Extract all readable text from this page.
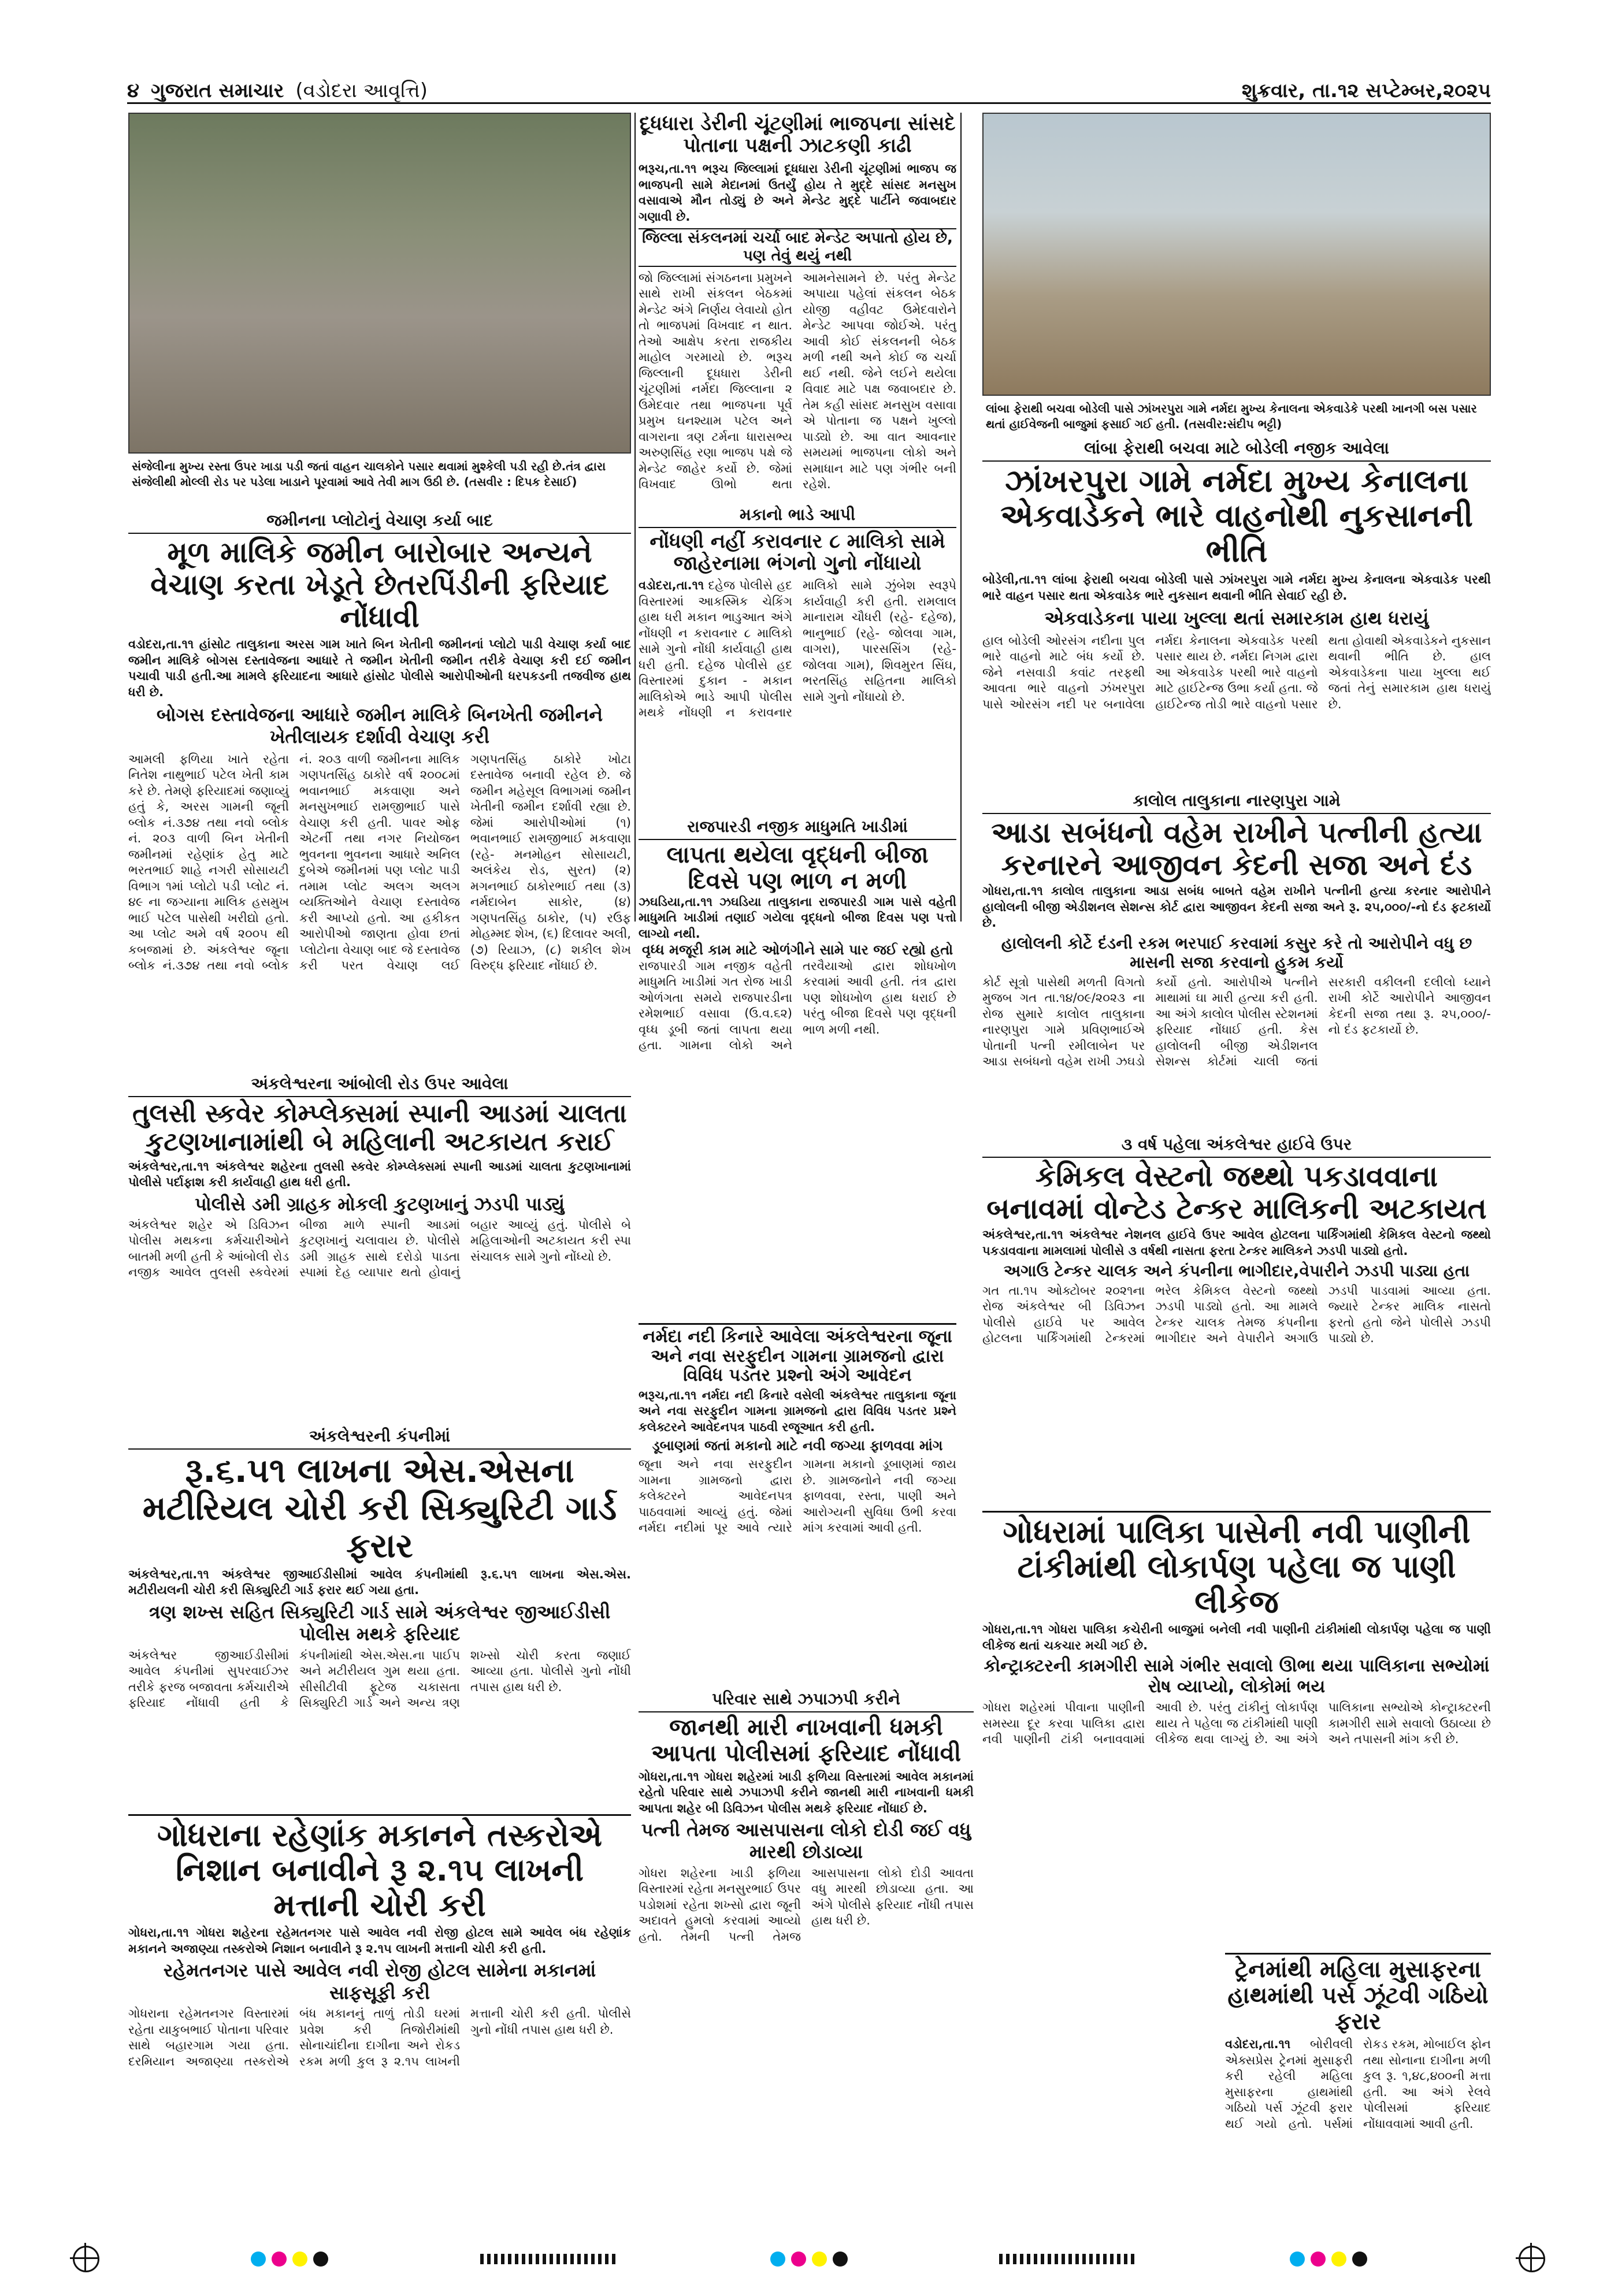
૪ ગુજરાત સમાચાર (વડોદરા આવૃત્તિ)	શુક્રવાર, તા.૧૨ સપ્ટેમ્બર,૨૦૨૫
સંજેલીના મુખ્ય રસ્તા ઉપર ખાડા પડી જતાં વાહન ચાલકોને પસાર થવામાં મુશ્કેલી પડી રહી છે.તંત્ર દ્વારા સંજેલીથી મોલ્લી રોડ પર પડેલા ખાડાને પૂરવામાં આવે તેવી માગ ઉઠી છે. (તસવીર : દિપક દેસાઈ)
દૂધધારા ડેરીની ચૂંટણીમાં ભાજપના સાંસદે પોતાના પક્ષની ઝાટકણી કાઢી
ભરૂચ,તા.૧૧ ભરૂચ જિલ્લામાં દૂધધારા ડેરીની ચૂંટણીમાં ભાજપ જ ભાજપની સામે મેદાનમાં ઉતર્યું હોય તે મુદ્દે સાંસદ મનસુખ વસાવાએ મૌન તોડ્યું છે અને મેન્ડેટ મુદ્દે પાર્ટીને જવાબદાર ગણાવી છે.
જિલ્લા સંકલનમાં ચર્ચા બાદ મેન્ડેટ અપાતો હોય છે, પણ તેવું થયું નથી
જો જિલ્લામાં સંગઠનના પ્રમુખને સાથે રાખી સંકલન બેઠકમાં મેન્ડેટ અંગે નિર્ણય લેવાયો હોત તો ભાજપમાં વિખવાદ ન થાત. તેઓ આક્ષેપ કરતા રાજકીય માહોલ ગરમાયો છે. ભરૂચ જિલ્લાની દૂધધારા ડેરીની ચૂંટણીમાં નર્મદા જિલ્લાના ૨ ઉમેદવાર તથા ભાજપના પૂર્વ પ્રમુખ ઘનશ્યામ પટેલ અને વાગરાના ત્રણ ટર્મના ધારાસભ્ય અરુણસિંહ રણા ભાજપ પક્ષે જે મેન્ડેટ જાહેર કર્યો છે. જેમાં વિખવાદ ઊભો થતા આમનેસામને છે. પરંતુ મેન્ડેટ અપાયા પહેલાં સંકલન બેઠક યોજી વહીવટ ઉમેદવારોને મેન્ડેટ આપવા જોઈએ. પરંતુ આવી કોઈ સંકલનની બેઠક મળી નથી અને કોઈ જ ચર્ચા થઈ નથી. જેને લઈને થયેલા વિવાદ માટે પક્ષ જવાબદાર છે. તેમ કહી સાંસદ મનસુખ વસાવા એ પોતાના જ પક્ષને ખુલ્લો પાડ્યો છે. આ વાત આવનાર સમયમાં ભાજપના લોકો અને સમાધાન માટે પણ ગંભીર બની રહેશે.
લાંબા ફેરાથી બચવા બોડેલી પાસે ઝાંખરપુરા ગામે નર્મદા મુખ્ય કેનાલના એકવાડેકે પરથી ખાનગી બસ પસાર થતાં હાઈવેજની બાજુમાં ફસાઈ ગઈ હતી. (તસવીર:સંદીપ ભટ્ટી)
લાંબા ફેરાથી બચવા માટે બોડેલી નજીક આવેલા
ઝાંખરપુરા ગામે નર્મદા મુખ્ય કેનાલના એકવાડેકને ભારે વાહનોથી નુકસાનની ભીતિ
બોડેલી,તા.૧૧ લાંબા ફેરાથી બચવા બોડેલી પાસે ઝાંખરપુરા ગામે નર્મદા મુખ્ય કેનાલના એકવાડેક પરથી ભારે વાહન પસાર થતા એકવાડેક ભારે નુકસાન થવાની ભીતિ સેવાઈ રહી છે.
એકવાડેકના પાયા ખુલ્લા થતાં સમારકામ હાથ ધરાયું
હાલ બોડેલી ઓરસંગ નદીના પુલ ભારે વાહનો માટે બંધ કર્યો છે. જેને નસવાડી કવાંટ તરફથી આવતા ભારે વાહનો ઝંખરપુરા પાસે ઓરસંગ નદી પર બનાવેલા નર્મદા કેનાલના એકવાડેક પરથી પસાર થાય છે. નર્મદા નિગમ દ્વારા આ એકવાડેક પરથી ભારે વાહનો માટે હાઈટેન્જ ઉભા કર્યા હતા. જે હાઈટેન્જ તોડી ભારે વાહનો પસાર થતા હોવાથી એકવાડેકને નુકસાન થવાની ભીતિ છે. હાલ એકવાડેકના પાયા ખુલ્લા થઈ જતાં તેનું સમારકામ હાથ ધરાયું છે.
જમીનના પ્લોટોનું વેચાણ કર્યા બાદ
મૂળ માલિકે જમીન બારોબાર અન્યને વેચાણ કરતા ખેડૂતે છેતરપિંડીની ફરિયાદ નોંધાવી
વડોદરા,તા.૧૧ હાંસોટ તાલુકાના અરસ ગામ ખાતે બિન ખેતીની જમીનનાં પ્લોટો પાડી વેચાણ કર્યા બાદ જમીન માલિકે બોગસ દસ્તાવેજના આધારે તે જમીન ખેતીની જમીન તરીકે વેચાણ કરી દઈ જમીન પચાવી પાડી હતી.આ મામલે ફરિયાદના આધારે હાંસોટ પોલીસે આરોપીઓની ધરપકડની તજવીજ હાથ ધરી છે.
બોગસ દસ્તાવેજના આધારે જમીન માલિકે બિનખેતી જમીનને ખેતીલાયક દર્શાવી વેચાણ કરી
આમલી ફળિયા ખાતે રહેતા નિતેશ નાથુભાઈ પટેલ ખેતી કામ કરે છે. તેમણે ફરિયાદમાં જણાવ્યું હતું કે, અરસ ગામની જૂની બ્લોક નં.૩૭૪ તથા નવો બ્લોક નં. ૨૦૩ વાળી બિન ખેતીની જમીનમાં રહેણાંક હેતુ માટે ભરતભાઈ શાહે નગરી સોસાયટી વિભાગ ૧માં પ્લોટો પડી પ્લોટ નં. ૪૯ ના જગ્યાના માલિક હસમુખ ભાઈ પટેલ પાસેથી ખરીદ્યો હતો. આ પ્લોટ અમે વર્ષ ૨૦૦૫ થી કબજામાં છે. અંકલેશ્વર જૂના બ્લોક નં.૩૭૪ તથા નવો બ્લોક નં. ૨૦૩ વાળી જમીનના માલિક ગણપતસિંહ ઠાકોરે વર્ષ ૨૦૦૮માં ભવાનભાઈ મકવાણા અને મનસુખભાઈ રામજીભાઈ પાસે વેચાણ કરી હતી. પાવર ઓફ એટર્ની તથા નગર નિયોજન ભુવનના ભુવનના આધારે અનિલ દુબેએ જમીનમાં પણ પ્લોટ પાડી તમામ પ્લોટ અલગ અલગ વ્યક્તિઓને વેચાણ દસ્તાવેજ કરી આપ્યો હતો. આ હકીકત આરોપીઓ જાણતા હોવા છતાં પ્લોટોના વેચાણ બાદ જે દસ્તાવેજ કરી પરત વેચાણ લઈ ગણપતસિંહ ઠાકોરે ખોટા દસ્તાવેજ બનાવી રહેલ છે. જે જમીન મહેસૂલ વિભાગમાં જમીન ખેતીની જમીન દર્શાવી રહ્યા છે. જેમાં આરોપીઓમાં (૧) ભવાનભાઈ રામજીભાઈ મકવાણા (રહે- મનમોહન સોસાયટી, અલંકેય રોડ, સુરત) (૨) મગનભાઈ ઠાકોરભાઈ તથા (૩) નર્મદાબેન સાકોર, (૪) ગણપતસિંહ ઠાકોર, (૫) રઉફ મોહમ્મદ શેખ, (૬) દિલાવર અલી, (૭) રિયાઝ, (૮) શકીલ શેખ વિરુદ્ધ ફરિયાદ નોંધાઈ છે.
મકાનો ભાડે આપી
નોંધણી નહીં કરાવનાર ૮ માલિકો સામે જાહેરનામા ભંગનો ગુનો નોંધાયો
વડોદરા,તા.૧૧ દહેજ પોલીસે હદ વિસ્તારમાં આકસ્મિક ચેકિંગ હાથ ધરી મકાન ભાડુઆત અંગે નોંધણી ન કરાવનાર ૮ માલિકો સામે ગુનો નોંધી કાર્યવાહી હાથ ધરી હતી. દહેજ પોલીસે હદ વિસ્તારમાં દુકાન - મકાન માલિકોએ ભાડે આપી પોલીસ મથકે નોંધણી ન કરાવનાર માલિકો સામે ઝુંબેશ સ્વરૂપે કાર્યવાહી કરી હતી. રામલાલ માનારામ ચૌધરી (રહે- દહેજ), ભાનુભાઈ (રહે- જોલવા ગામ, વાગરા), પારસસિંગ (રહે- જોલવા ગામ), શિવમુરત સિંઘ, ભરતસિંહ સહિતના માલિકો સામે ગુનો નોંધાયો છે.
રાજપારડી નજીક માધુમતિ ખાડીમાં
લાપતા થયેલા વૃદ્ધની બીજા દિવસે પણ ભાળ ન મળી
ઝઘડિયા,તા.૧૧ ઝઘડિયા તાલુકાના રાજપારડી ગામ પાસે વહેતી માધુમતિ ખાડીમાં તણાઈ ગયેલા વૃદ્ધનો બીજા દિવસ પણ પત્તો લાગ્યો નથી.
વૃધ્ધ મજૂરી કામ માટે ઓળંગીને સામે પાર જઈ રહ્યો હતો
રાજપારડી ગામ નજીક વહેતી માધુમતિ ખાડીમાં ગત રોજ ખાડી ઓળંગતા સમયે રાજપારડીના રમેશભાઈ વસાવા (ઉ.વ.૬૨) વૃધ્ધ ડૂબી જતાં લાપતા થયા હતા. ગામના લોકો અને તરવૈયાઓ દ્વારા શોધખોળ કરવામાં આવી હતી. તંત્ર દ્વારા પણ શોધખોળ હાથ ધરાઈ છે પરંતુ બીજા દિવસે પણ વૃદ્ધની ભાળ મળી નથી.
કાલોલ તાલુકાના નારણપુરા ગામે
આડા સબંધનો વહેમ રાખીને પત્નીની હત્યા કરનારને આજીવન કેદની સજા અને દંડ
ગોધરા,તા.૧૧ કાલોલ તાલુકાના આડા સબંધ બાબતે વહેમ રાખીને પત્નીની હત્યા કરનાર આરોપીને હાલોલની બીજી એડીશનલ સેશન્સ કોર્ટ દ્વારા આજીવન કેદની સજા અને રૂ. ૨૫,૦૦૦/-નો દંડ ફટકાર્યો છે.
હાલોલની કોર્ટે દંડની રકમ ભરપાઈ કરવામાં કસુર કરે તો આરોપીને વધુ છ માસની સજા કરવાનો હુકમ કર્યો
કોર્ટ સૂત્રો પાસેથી મળતી વિગતો મુજબ ગત તા.૧૪/૦૯/૨૦૨૩ ના રોજ સુમારે કાલોલ તાલુકાના નારણપુરા ગામે પ્રવિણભાઈએ પોતાની પત્ની રમીલાબેન પર આડા સબંધનો વહેમ રાખી ઝઘડો કર્યો હતો. આરોપીએ પત્નીને માથામાં ઘા મારી હત્યા કરી હતી. આ અંગે કાલોલ પોલીસ સ્ટેશનમાં ફરિયાદ નોંધાઈ હતી. કેસ હાલોલની બીજી એડીશનલ સેશન્સ કોર્ટમાં ચાલી જતાં સરકારી વકીલની દલીલો ધ્યાને રાખી કોર્ટે આરોપીને આજીવન કેદની સજા તથા રૂ. ૨૫,૦૦૦/- નો દંડ ફટકાર્યો છે.
અંકલેશ્વરના આંબોલી રોડ ઉપર આવેલા
તુલસી સ્કવેર કોમ્પ્લેક્સમાં સ્પાની આડમાં ચાલતા કુટણખાનામાંથી બે મહિલાની અટકાયત કરાઈ
અંકલેશ્વર,તા.૧૧ અંકલેશ્વર શહેરના તુલસી સ્કવેર કોમ્પ્લેક્સમાં સ્પાની આડમાં ચાલતા કુટણખાનામાં પોલીસે પર્દાફાશ કરી કાર્યવાહી હાથ ધરી હતી.
પોલીસે ડમી ગ્રાહક મોકલી કુટણખાનું ઝડપી પાડ્યું
અંકલેશ્વર શહેર એ ડિવિઝન પોલીસ મથકના કર્મચારીઓને બાતમી મળી હતી કે આંબોલી રોડ નજીક આવેલ તુલસી સ્કવેરમાં બીજા માળે સ્પાની આડમાં કુટણખાનું ચલાવાય છે. પોલીસે ડમી ગ્રાહક સાથે દરોડો પાડતા સ્પામાં દેહ વ્યાપાર થતો હોવાનું બહાર આવ્યું હતું. પોલીસે બે મહિલાઓની અટકાયત કરી સ્પા સંચાલક સામે ગુનો નોંધ્યો છે.
નર્મદા નદી કિનારે આવેલા અંકલેશ્વરના જૂના અને નવા સરફુદીન ગામના ગ્રામજનો દ્વારા વિવિધ પડતર પ્રશ્નો અંગે આવેદન
ભરૂચ,તા.૧૧ નર્મદા નદી કિનારે વસેલી અંકલેશ્વર તાલુકાના જૂના અને નવા સરફુદીન ગામના ગ્રામજનો દ્વારા વિવિધ પડતર પ્રશ્ને કલેક્ટરને આવેદનપત્ર પાઠવી રજૂઆત કરી હતી.
ડૂબાણમાં જતાં મકાનો માટે નવી જગ્યા ફાળવવા માંગ
જૂના અને નવા સરફુદીન ગામના ગ્રામજનો દ્વારા કલેક્ટરને આવેદનપત્ર પાઠવવામાં આવ્યું હતું. જેમાં નર્મદા નદીમાં પૂર આવે ત્યારે ગામના મકાનો ડૂબાણમાં જાય છે. ગ્રામજનોને નવી જગ્યા ફાળવવા, રસ્તા, પાણી અને આરોગ્યની સુવિધા ઉભી કરવા માંગ કરવામાં આવી હતી.
૩ વર્ષ પહેલા અંકલેશ્વર હાઈવે ઉપર
કેમિકલ વેસ્ટનો જથ્થો પકડાવવાના બનાવમાં વોન્ટેડ ટેન્કર માલિકની અટકાયત
અંકલેશ્વર,તા.૧૧ અંકલેશ્વર નેશનલ હાઈવે ઉપર આવેલ હોટલના પાર્કિંગમાંથી કેમિકલ વેસ્ટનો જથ્થો પકડાવવાના મામલામાં પોલીસે ૩ વર્ષથી નાસતા ફરતા ટેન્કર માલિકને ઝડપી પાડ્યો હતો.
અગાઉ ટેન્કર ચાલક અને કંપનીના ભાગીદાર,વેપારીને ઝડપી પાડ્યા હતા
ગત તા.૧૫ ઓક્ટોબર ૨૦૨૧ના રોજ અંકલેશ્વર બી ડિવિઝન પોલીસે હાઈવે પર આવેલ હોટલના પાર્કિંગમાંથી ટેન્કરમાં ભરેલ કેમિકલ વેસ્ટનો જથ્થો ઝડપી પાડ્યો હતો. આ મામલે ટેન્કર ચાલક તેમજ કંપનીના ભાગીદાર અને વેપારીને અગાઉ ઝડપી પાડવામાં આવ્યા હતા. જ્યારે ટેન્કર માલિક નાસતો ફરતો હતો જેને પોલીસે ઝડપી પાડ્યો છે.
અંકલેશ્વરની કંપનીમાં
રૂ.૬.૫૧ લાખના એસ.એસના મટીરિયલ ચોરી કરી સિક્યુરિટી ગાર્ડ ફરાર
અંકલેશ્વર,તા.૧૧ અંકલેશ્વર જીઆઈડીસીમાં આવેલ કંપનીમાંથી રૂ.૬.૫૧ લાખના એસ.એસ. મટીરીયલની ચોરી કરી સિક્યુરિટી ગાર્ડ ફરાર થઈ ગયા હતા.
ત્રણ શખ્સ સહિત સિક્યુરિટી ગાર્ડ સામે અંકલેશ્વર જીઆઈડીસી પોલીસ મથકે ફરિયાદ
અંકલેશ્વર જીઆઈડીસીમાં આવેલ કંપનીમાં સુપરવાઈઝર તરીકે ફરજ બજાવતા કર્મચારીએ ફરિયાદ નોંધાવી હતી કે કંપનીમાંથી એસ.એસ.ના પાઈપ અને મટીરીયલ ગુમ થયા હતા. સીસીટીવી ફૂટેજ ચકાસતા સિક્યુરિટી ગાર્ડ અને અન્ય ત્રણ શખ્સો ચોરી કરતા જણાઈ આવ્યા હતા. પોલીસે ગુનો નોંધી તપાસ હાથ ધરી છે.
ગોધરામાં પાલિકા પાસેની નવી પાણીની ટાંકીમાંથી લોકાર્પણ પહેલા જ પાણી લીકેજ
ગોધરા,તા.૧૧ ગોધરા પાલિકા કચેરીની બાજુમાં બનેલી નવી પાણીની ટાંકીમાંથી લોકાર્પણ પહેલા જ પાણી લીકેજ થતાં ચકચાર મચી ગઈ છે.
કોન્ટ્રાક્ટરની કામગીરી સામે ગંભીર સવાલો ઊભા થયા પાલિકાના સભ્યોમાં રોષ વ્યાપ્યો, લોકોમાં ભય
ગોધરા શહેરમાં પીવાના પાણીની સમસ્યા દૂર કરવા પાલિકા દ્વારા નવી પાણીની ટાંકી બનાવવામાં આવી છે. પરંતુ ટાંકીનું લોકાર્પણ થાય તે પહેલા જ ટાંકીમાંથી પાણી લીકેજ થવા લાગ્યું છે. આ અંગે પાલિકાના સભ્યોએ કોન્ટ્રાક્ટરની કામગીરી સામે સવાલો ઉઠાવ્યા છે અને તપાસની માંગ કરી છે.
પરિવાર સાથે ઝપાઝપી કરીને
જાનથી મારી નાખવાની ધમકી આપતા પોલીસમાં ફરિયાદ નોંધાવી
ગોધરા,તા.૧૧ ગોધરા શહેરમાં ખાડી ફળિયા વિસ્તારમાં આવેલ મકાનમાં રહેતો પરિવાર સાથે ઝપાઝપી કરીને જાનથી મારી નાખવાની ધમકી આપતા શહેર બી ડિવિઝન પોલીસ મથકે ફરિયાદ નોંધાઈ છે.
પત્ની તેમજ આસપાસના લોકો દોડી જઈ વધુ મારથી છોડાવ્યા
ગોધરા શહેરના ખાડી ફળિયા વિસ્તારમાં રહેતા મનસુરભાઈ ઉપર પડોશમાં રહેતા શખ્સો દ્વારા જૂની અદાવતે હુમલો કરવામાં આવ્યો હતો. તેમની પત્ની તેમજ આસપાસના લોકો દોડી આવતા વધુ મારથી છોડાવ્યા હતા. આ અંગે પોલીસે ફરિયાદ નોંધી તપાસ હાથ ધરી છે.
ગોધરાના રહેણાંક મકાનને તસ્કરોએ નિશાન બનાવીને રૂ ૨.૧૫ લાખની મત્તાની ચોરી કરી
ગોધરા,તા.૧૧ ગોધરા શહેરના રહેમતનગર પાસે આવેલ નવી રોજી હોટલ સામે આવેલ બંધ રહેણાંક મકાનને અજાણ્યા તસ્કરોએ નિશાન બનાવીને રૂ ૨.૧૫ લાખની મત્તાની ચોરી કરી હતી.
રહેમતનગર પાસે આવેલ નવી રોજી હોટલ સામેના મકાનમાં સાફસૂફી કરી
ગોધરાના રહેમતનગર વિસ્તારમાં રહેતા યાકુબભાઈ પોતાના પરિવાર સાથે બહારગામ ગયા હતા. દરમિયાન અજાણ્યા તસ્કરોએ બંધ મકાનનું તાળું તોડી ઘરમાં પ્રવેશ કરી તિજોરીમાંથી સોનાચાંદીના દાગીના અને રોકડ રકમ મળી કુલ રૂ ૨.૧૫ લાખની મત્તાની ચોરી કરી હતી. પોલીસે ગુનો નોંધી તપાસ હાથ ધરી છે.
ટ્રેનમાંથી મહિલા મુસાફરના હાથમાંથી પર્સ ઝૂંટવી ગઠિયો ફરાર
વડોદરા,તા.૧૧ બોરીવલી એક્સપ્રેસ ટ્રેનમાં મુસાફરી કરી રહેલી મહિલા મુસાફરના હાથમાંથી ગઠિયો પર્સ ઝૂંટવી ફરાર થઈ ગયો હતો. પર્સમાં રોકડ રકમ, મોબાઈલ ફોન તથા સોનાના દાગીના મળી કુલ રૂ. ૧,૪૮,૪૦૦ની મત્તા હતી. આ અંગે રેલવે પોલીસમાં ફરિયાદ નોંધાવવામાં આવી હતી.
